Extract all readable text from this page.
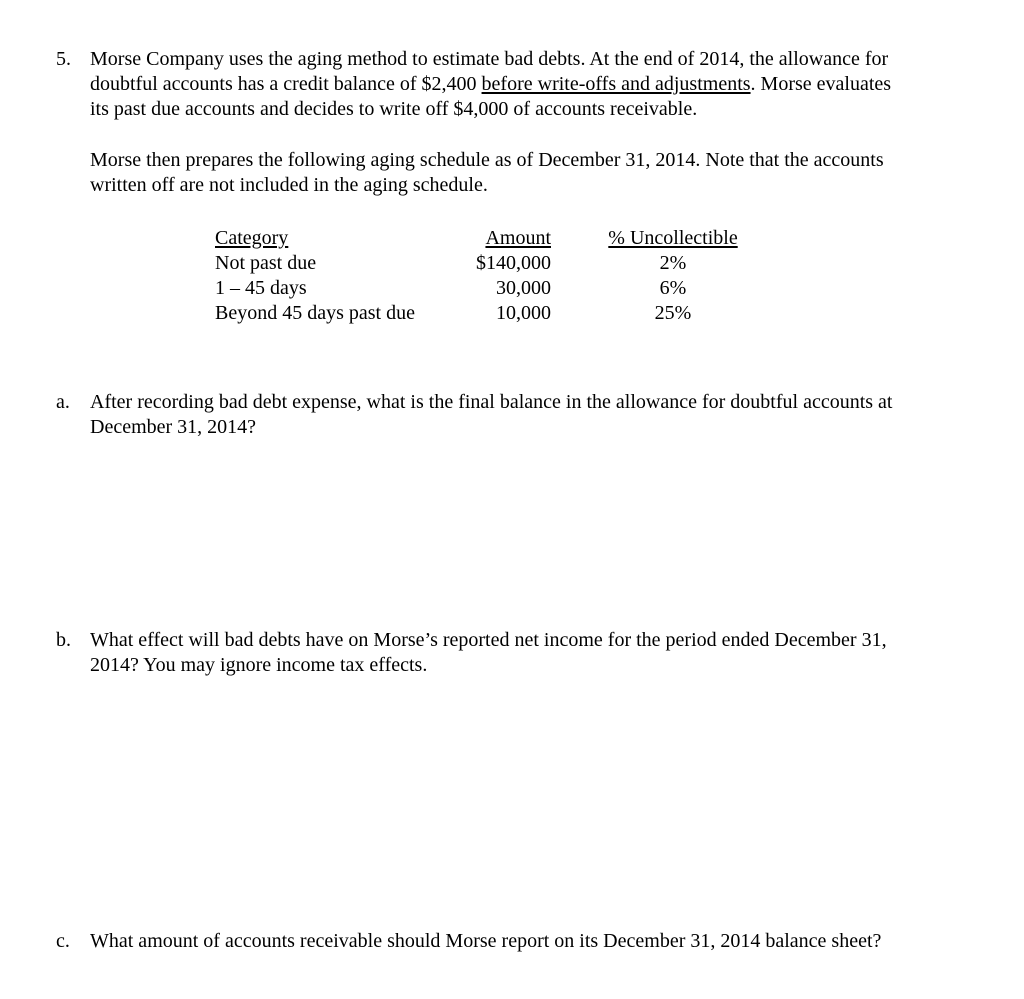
5. Morse Company uses the aging method to estimate bad debts. At the end of 2014, the allowance for
doubtful accounts has a credit balance of $2,400 before write-offs and adjustments. Morse evaluates
its past due accounts and decides to write off $4,000 of accounts receivable.
Morse then prepares the following aging schedule as of December 31, 2014. Note that the accounts
written off are not included in the aging schedule.
Category	Amount	% Uncollectible
Not past due	$140,000	2%
1 – 45 days	30,000	6%
Beyond 45 days past due	10,000	25%
a. After recording bad debt expense, what is the final balance in the allowance for doubtful accounts at
December 31, 2014?
b. What effect will bad debts have on Morse’s reported net income for the period ended December 31,
2014? You may ignore income tax effects.
c. What amount of accounts receivable should Morse report on its December 31, 2014 balance sheet?
